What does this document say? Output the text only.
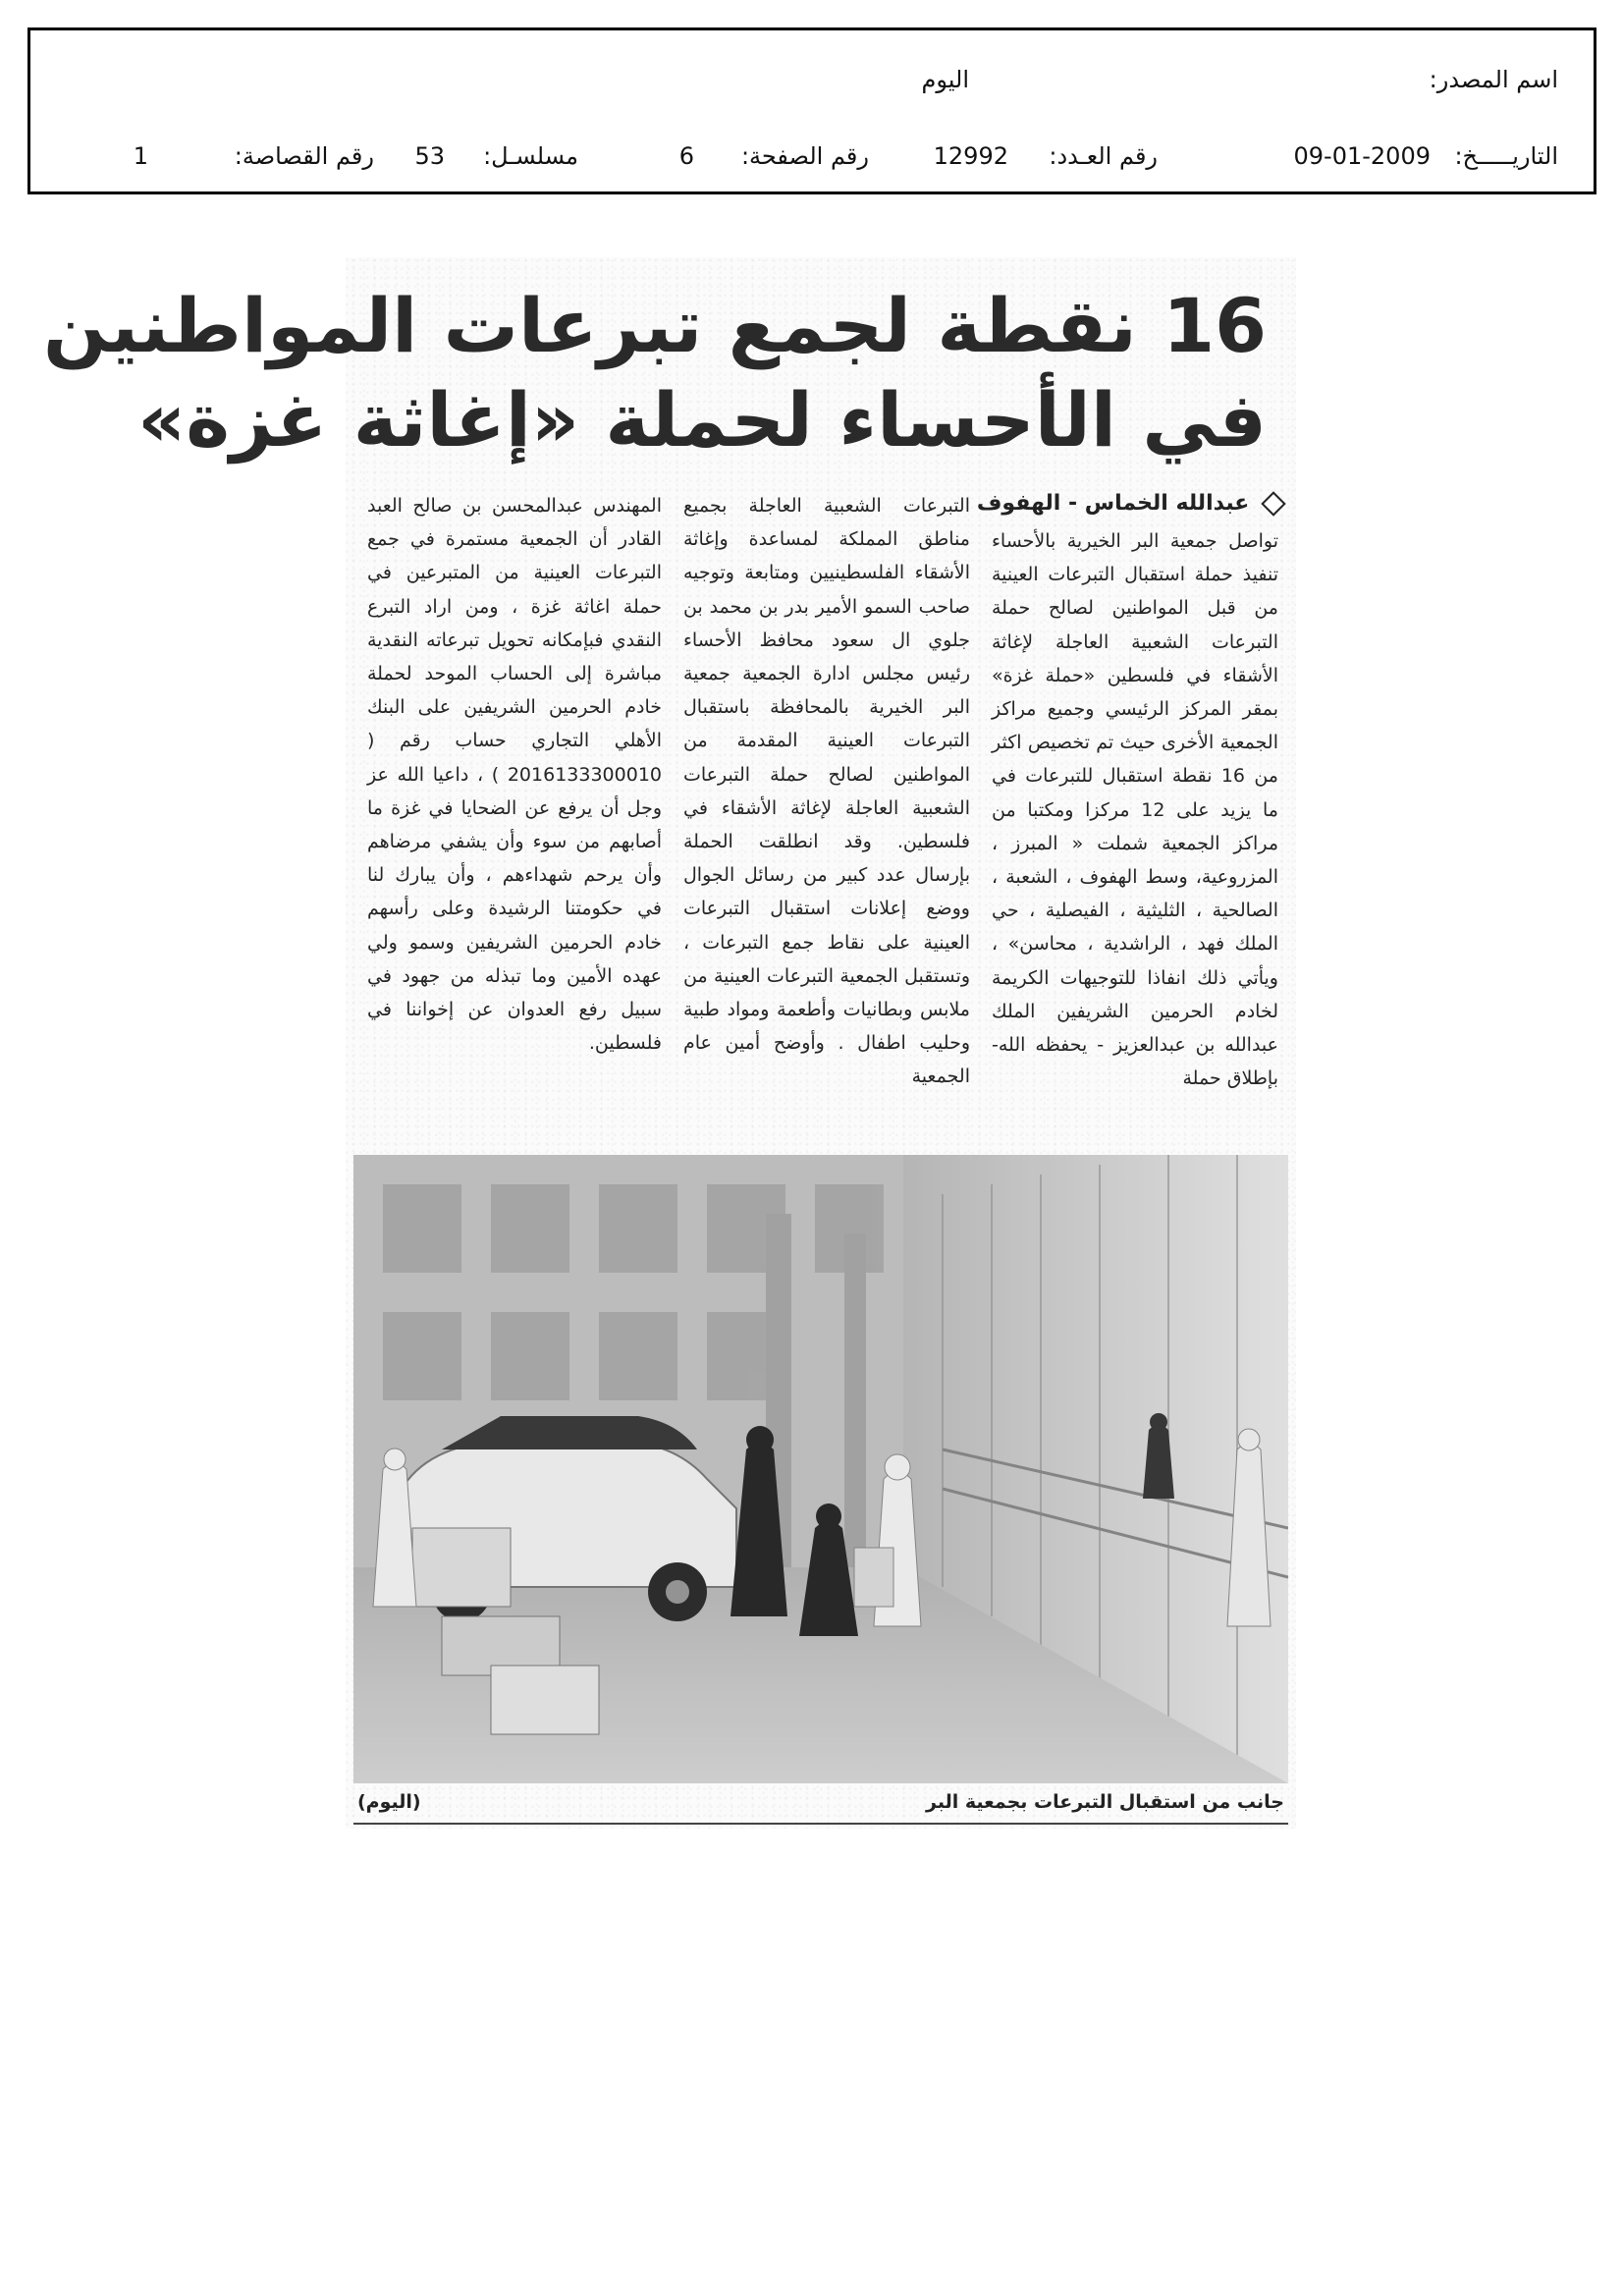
اسم المصدر:
اليوم
التاريـــــخ:
09-01-2009
رقم العـدد:
12992
رقم الصفحة:
6
مسلسـل:
53
رقم القصاصة:
1
16 نقطة لجمع تبرعات المواطنين
في الأحساء لحملة «إغاثة غزة»
عبدالله الخماس - الهفوف

تواصل جمعية البر الخيرية بالأحساء تنفيذ حملة استقبال التبرعات العينية من قبل المواطنين لصالح حملة التبرعات الشعبية العاجلة لإغاثة الأشقاء في فلسطين «حملة غزة» بمقر المركز الرئيسي وجميع مراكز الجمعية الأخرى حيث تم تخصيص اكثر من 16 نقطة استقبال للتبرعات في ما يزيد على 12 مركزا ومكتبا من مراكز الجمعية شملت « المبرز ، المزروعية، وسط الهفوف ، الشعبة ، الصالحية ، الثليثية ، الفيصلية ، حي الملك فهد ، الراشدية ، محاسن» ، ويأتي ذلك انفاذا للتوجيهات الكريمة لخادم الحرمين الشريفين الملك عبدالله بن عبدالعزيز - يحفظه الله- بإطلاق حملة

التبرعات الشعبية العاجلة بجميع مناطق المملكة لمساعدة وإغاثة الأشقاء الفلسطينيين ومتابعة وتوجيه صاحب السمو الأمير بدر بن محمد بن جلوي ال سعود محافظ الأحساء رئيس مجلس ادارة الجمعية جمعية البر الخيرية بالمحافظة باستقبال التبرعات العينية المقدمة من المواطنين لصالح حملة التبرعات الشعبية العاجلة لإغاثة الأشقاء في فلسطين. وقد انطلقت الحملة بإرسال عدد كبير من رسائل الجوال ووضع إعلانات استقبال التبرعات العينية على نقاط جمع التبرعات ، وتستقبل الجمعية التبرعات العينية من ملابس وبطانيات وأطعمة ومواد طبية وحليب اطفال . وأوضح أمين عام الجمعية

المهندس عبدالمحسن بن صالح العبد القادر أن الجمعية مستمرة في جمع التبرعات العينية من المتبرعين في حملة اغاثة غزة ، ومن اراد التبرع النقدي فبإمكانه تحويل تبرعاته النقدية مباشرة إلى الحساب الموحد لحملة خادم الحرمين الشريفين على البنك الأهلي التجاري حساب رقم ( 2016133300010 ) ، داعيا الله عز وجل أن يرفع عن الضحايا في غزة ما أصابهم من سوء وأن يشفي مرضاهم وأن يرحم شهداءهم ، وأن يبارك لنا في حكومتنا الرشيدة وعلى رأسهم خادم الحرمين الشريفين وسمو ولي عهده الأمين وما تبذله من جهود في سبيل رفع العدوان عن إخواننا في فلسطين.

جانب من استقبال التبرعات بجمعية البر
(اليوم)
